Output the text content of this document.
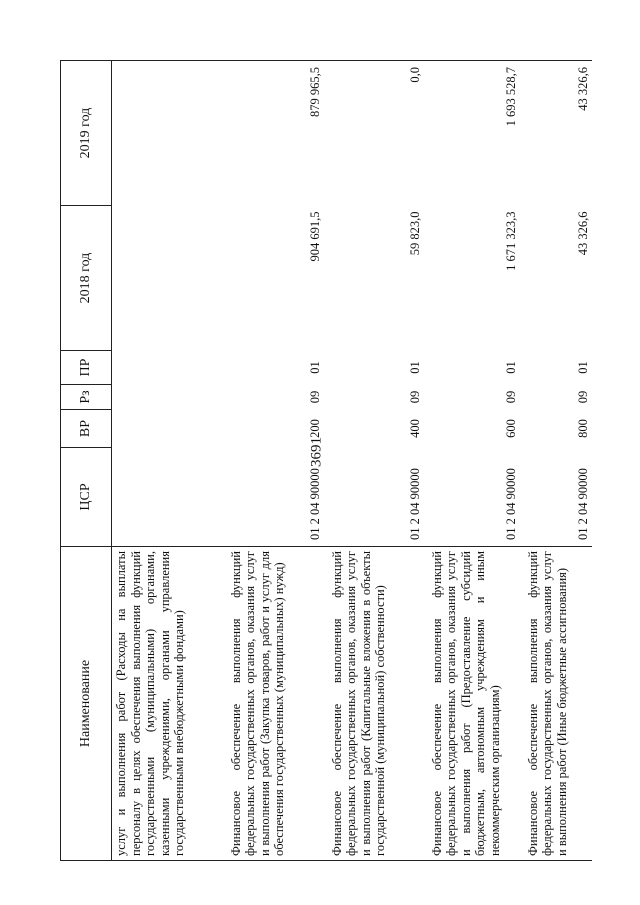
3691
Наименование	ЦСР	ВР	Рз	ПР	2018 год	2019 год
услуг и выполнения работ (Расходы на выплаты персоналу в целях обеспечения выполнения функций государственными (муниципальными) органами, казенными учреждениями, органами управления государственными внебюджетными фондами)						
Финансовое обеспечение выполнения функций федеральных государственных органов, оказания услуг и выполнения работ (Закупка товаров, работ и услуг для обеспечения государственных (муниципальных) нужд)	01 2 04 90000	200	09	01	904 691,5	879 965,5
Финансовое обеспечение выполнения функций федеральных государственных органов, оказания услуг и выполнения работ (Капитальные вложения в объекты государственной (муниципальной) собственности)	01 2 04 90000	400	09	01	59 823,0	0,0
Финансовое обеспечение выполнения функций федеральных государственных органов, оказания услуг и выполнения работ (Предоставление субсидий бюджетным, автономным учреждениям и иным некоммерческим организациям)	01 2 04 90000	600	09	01	1 671 323,3	1 693 528,7
Финансовое обеспечение выполнения функций федеральных государственных органов, оказания услуг и выполнения работ (Иные бюджетные ассигнования)	01 2 04 90000	800	09	01	43 326,6	43 326,6
